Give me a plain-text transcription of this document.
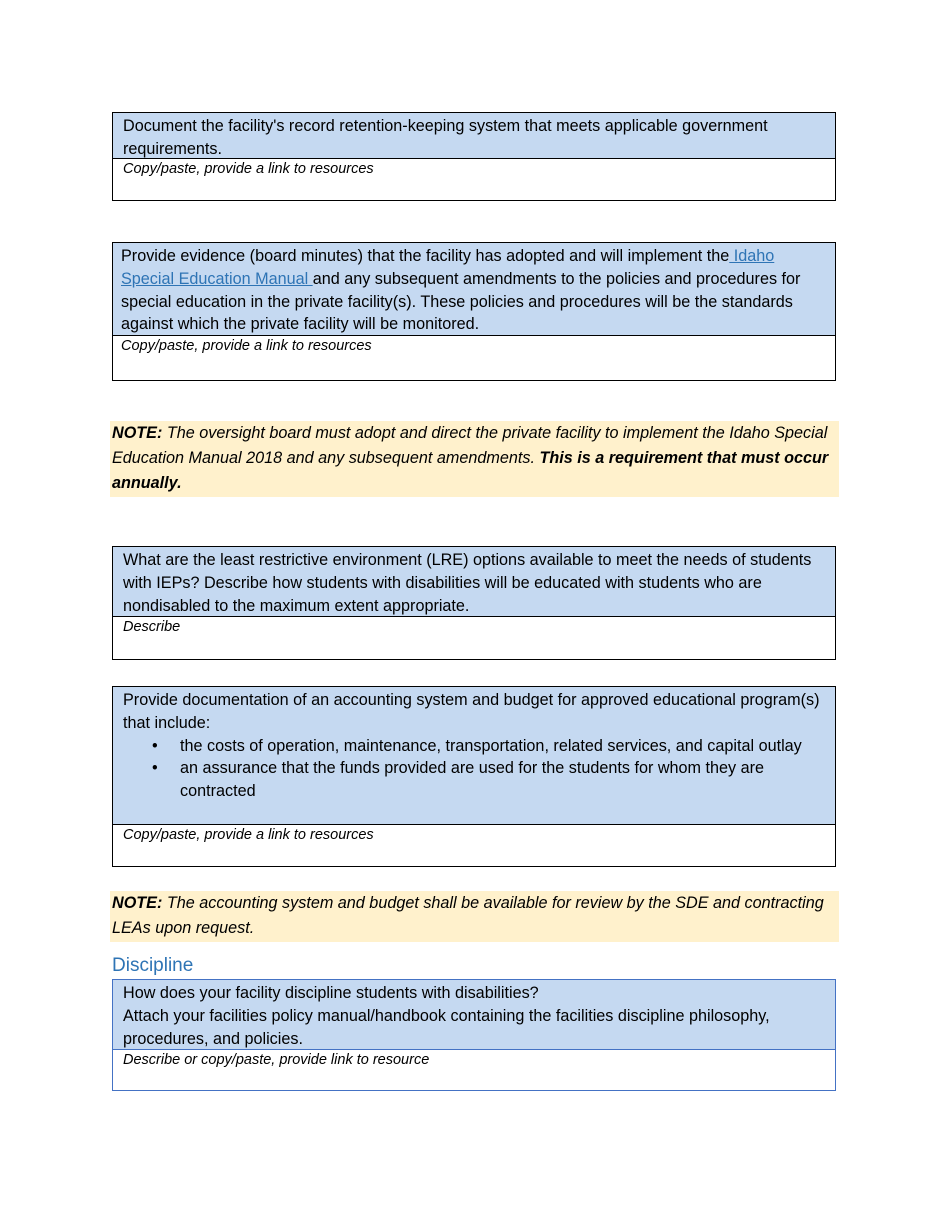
Document the facility's record retention-keeping system that meets applicable government requirements.
Copy/paste, provide a link to resources
Provide evidence (board minutes) that the facility has adopted and will implement the Idaho Special Education Manual and any subsequent amendments to the policies and procedures for special education in the private facility(s). These policies and procedures will be the standards against which the private facility will be monitored.
Copy/paste, provide a link to resources
NOTE: The oversight board must adopt and direct the private facility to implement the Idaho Special Education Manual 2018 and any subsequent amendments. This is a requirement that must occur annually.
What are the least restrictive environment (LRE) options available to meet the needs of students with IEPs? Describe how students with disabilities will be educated with students who are nondisabled to the maximum extent appropriate.
Describe
Provide documentation of an accounting system and budget for approved educational program(s) that include:
• the costs of operation, maintenance, transportation, related services, and capital outlay
• an assurance that the funds provided are used for the students for whom they are contracted
Copy/paste, provide a link to resources
NOTE: The accounting system and budget shall be available for review by the SDE and contracting LEAs upon request.
Discipline
How does your facility discipline students with disabilities?
Attach your facilities policy manual/handbook containing the facilities discipline philosophy, procedures, and policies.
Describe or copy/paste, provide link to resource
